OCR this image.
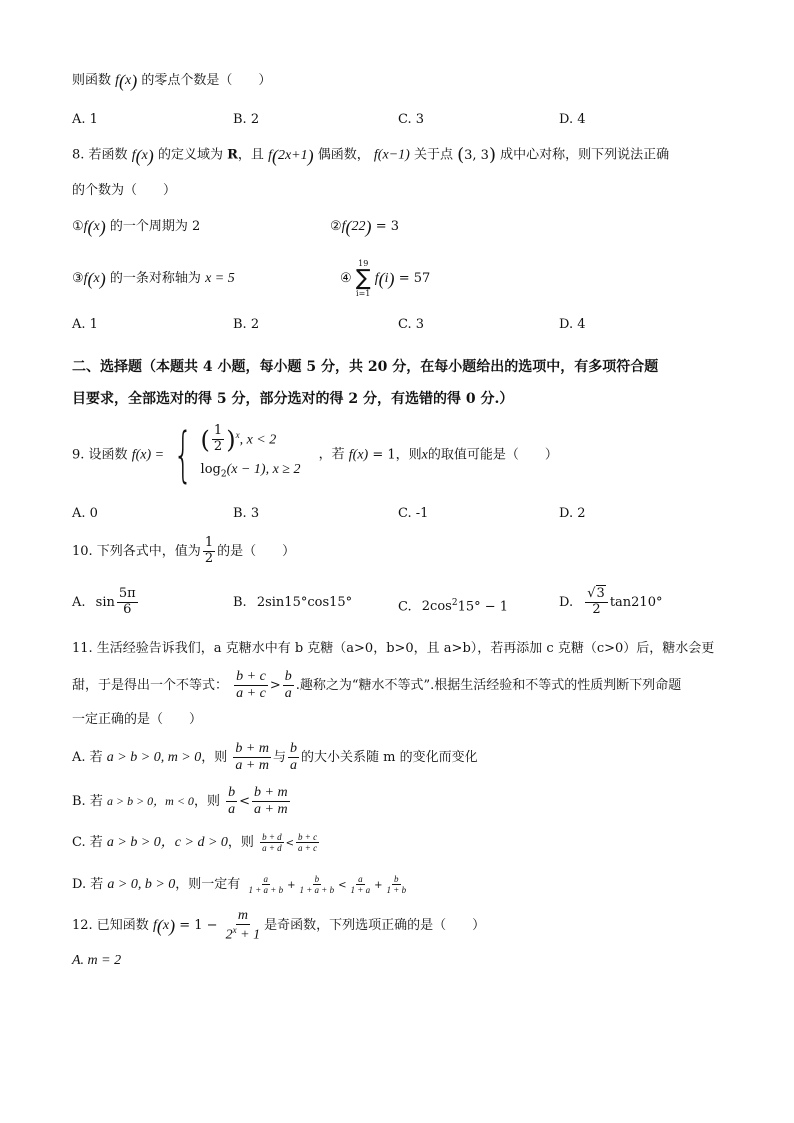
则函数 f(x) 的零点个数是（　　）
A. 1	B. 2	C. 3	D. 4
8. 若函数 f(x) 的定义域为 R，且 f(2x+1) 偶函数， f(x−1) 关于点 (3, 3) 成中心对称，则下列说法正确
的个数为（　　）
①f(x) 的一个周期为 2	②f(22) = 3
③f(x) 的一条对称轴为 x = 5	④
19
∑
i=1
f(i) = 57
A. 1	B. 2	C. 3	D. 4
二、选择题（本题共 4 小题，每小题 5 分，共 20 分，在每小题给出的选项中，有多项符合题
目要求，全部选对的得 5 分，部分选对的得 2 分，有选错的得 0 分.）
9. 设函数 f(x) = { ( $\frac{1}{2} )^x$, x < 2
$\log_2(x - 1)$, x ≥ 2
，若 f(x) = 1，则x的取值可能是（　　）
A. 0	B. 3	C. -1	D. 2
10. 下列各式中，值为 $\frac{1}{2}$ 的是（　　）
A. $\sin \frac{5\pi}{6}$	B. 2sin15°cos15°	C. $2\cos^215^\circ - 1$	D. $\frac{√3}{2} \tan 210^\circ$
11. 生活经验告诉我们，a 克糖水中有 b 克糖（a>0，b>0，且 a>b），若再添加 c 克糖（c>0）后，糖水会更
甜，于是得出一个不等式： $\frac{b + c}{a + c} > \frac{b}{a}$ .趣称之为“糖水不等式”.根据生活经验和不等式的性质判断下列命题
一定正确的是（　　）
A. 若 a > b > 0, m > 0，则 $\frac{b + m}{a + m}$ 与 $\frac{b}{a}$ 的大小关系随 m 的变化而变化
B. 若 a > b > 0，m < 0，则 $\frac{b}{a} < \frac{b + m}{a + m}$
C. 若 a > b > 0，c > d > 0，则 $\frac{b + d}{a + d} < \frac{b + c}{a + c}$
D. 若 a > 0, b > 0，则一定有 $\frac{a}{1 + a + b} + \frac{b}{1 + a + b} < \frac{a}{1 + a} + \frac{b}{1 + b}$
12. 已知函数 $f(x) = 1 - \frac{m}{2^x + 1}$ 是奇函数，下列选项正确的是（　　）
A. m = 2
